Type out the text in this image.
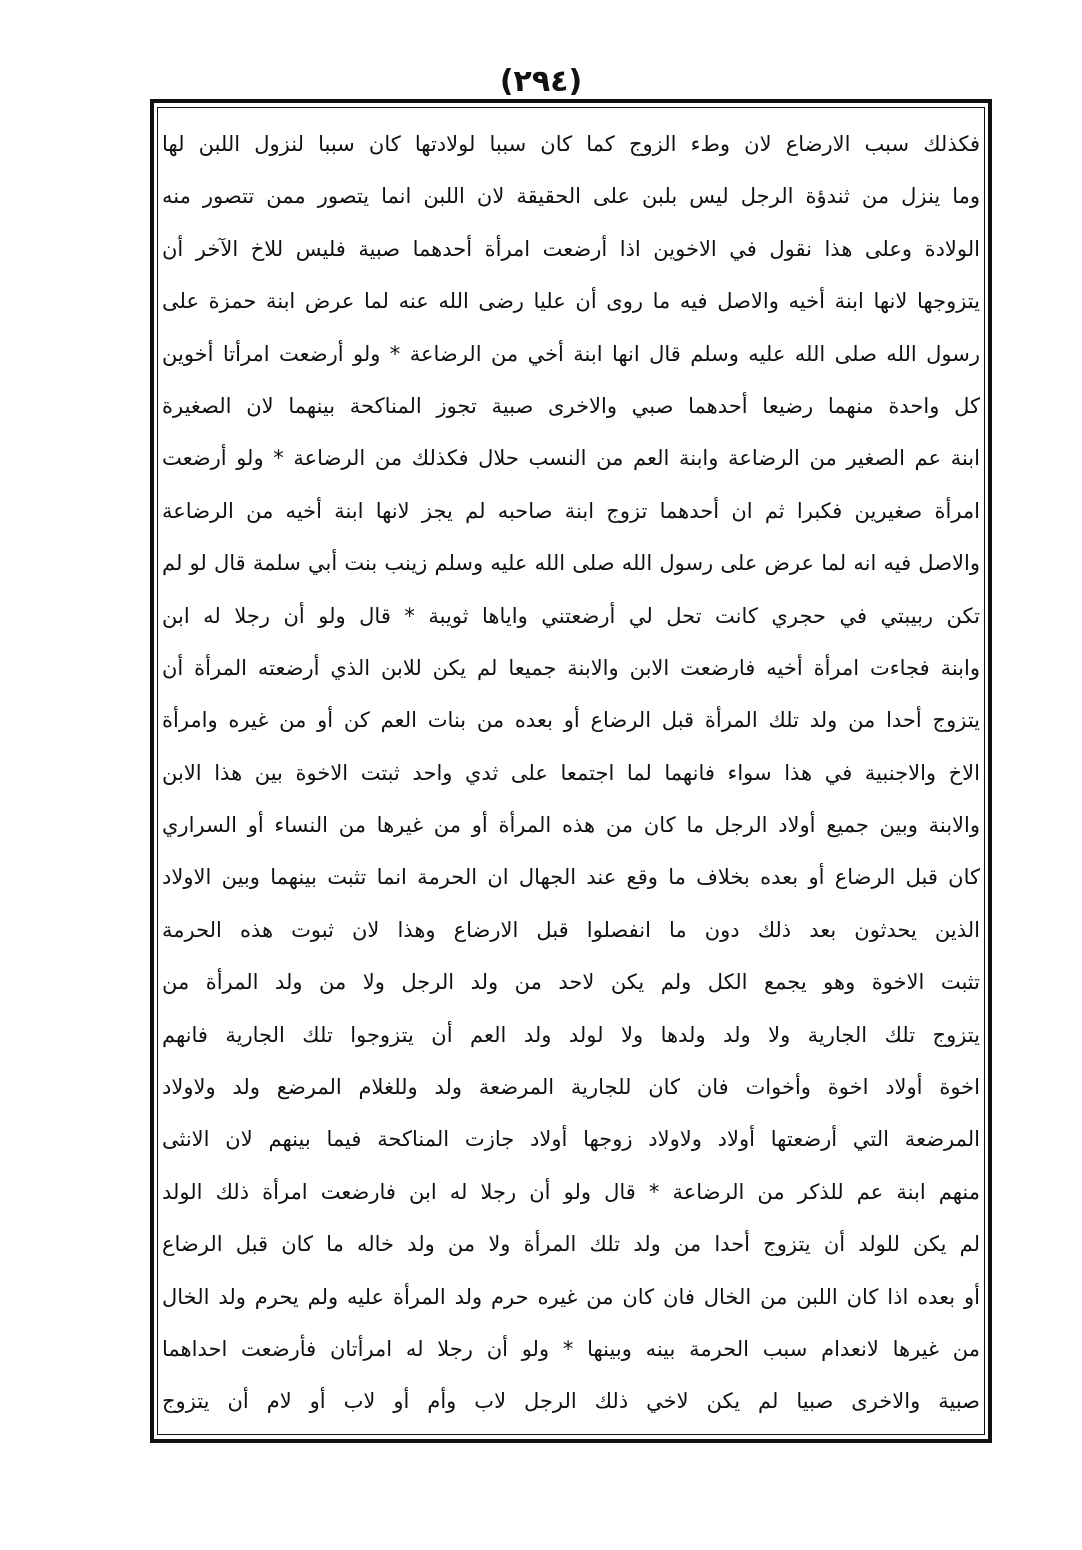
(٢٩٤)
فكذلك سبب الارضاع لان وطء الزوج كما كان سببا لولادتها كان سببا لنزول اللبن لها
وما ينزل من ثندؤة الرجل ليس بلبن على الحقيقة لان اللبن انما يتصور ممن تتصور منه
الولادة وعلى هذا نقول في الاخوين اذا أرضعت امرأة أحدهما صبية فليس للاخ الآخر أن
يتزوجها لانها ابنة أخيه والاصل فيه ما روى أن عليا رضى الله عنه لما عرض ابنة حمزة على
رسول الله صلى الله عليه وسلم قال انها ابنة أخي من الرضاعة * ولو أرضعت امرأتا أخوين
كل واحدة منهما رضيعا أحدهما صبي والاخرى صبية تجوز المناكحة بينهما لان الصغيرة
ابنة عم الصغير من الرضاعة وابنة العم من النسب حلال فكذلك من الرضاعة * ولو أرضعت
امرأة صغيرين فكبرا ثم ان أحدهما تزوج ابنة صاحبه لم يجز لانها ابنة أخيه من الرضاعة
والاصل فيه انه لما عرض على رسول الله صلى الله عليه وسلم زينب بنت أبي سلمة قال لو لم
تكن ربيبتي في حجري كانت تحل لي أرضعتني واياها ثويبة * قال ولو أن رجلا له ابن
وابنة فجاءت امرأة أخيه فارضعت الابن والابنة جميعا لم يكن للابن الذي أرضعته المرأة أن
يتزوج أحدا من ولد تلك المرأة قبل الرضاع أو بعده من بنات العم كن أو من غيره وامرأة
الاخ والاجنبية في هذا سواء فانهما لما اجتمعا على ثدي واحد ثبتت الاخوة بين هذا الابن
والابنة وبين جميع أولاد الرجل ما كان من هذه المرأة أو من غيرها من النساء أو السراري
كان قبل الرضاع أو بعده بخلاف ما وقع عند الجهال ان الحرمة انما تثبت بينهما وبين الاولاد
الذين يحدثون بعد ذلك دون ما انفصلوا قبل الارضاع وهذا لان ثبوت هذه الحرمة
تثبت الاخوة وهو يجمع الكل ولم يكن لاحد من ولد الرجل ولا من ولد المرأة من
يتزوج تلك الجارية ولا ولد ولدها ولا لولد ولد العم أن يتزوجوا تلك الجارية فانهم
اخوة أولاد اخوة وأخوات فان كان للجارية المرضعة ولد وللغلام المرضع ولد ولاولاد
المرضعة التي أرضعتها أولاد ولاولاد زوجها أولاد جازت المناكحة فيما بينهم لان الانثى
منهم ابنة عم للذكر من الرضاعة * قال ولو أن رجلا له ابن فارضعت امرأة ذلك الولد
لم يكن للولد أن يتزوج أحدا من ولد تلك المرأة ولا من ولد خاله ما كان قبل الرضاع
أو بعده اذا كان اللبن من الخال فان كان من غيره حرم ولد المرأة عليه ولم يحرم ولد الخال
من غيرها لانعدام سبب الحرمة بينه وبينها * ولو أن رجلا له امرأتان فأرضعت احداهما
صبية والاخرى صبيا لم يكن لاخي ذلك الرجل لاب وأم أو لاب أو لام أن يتزوج
